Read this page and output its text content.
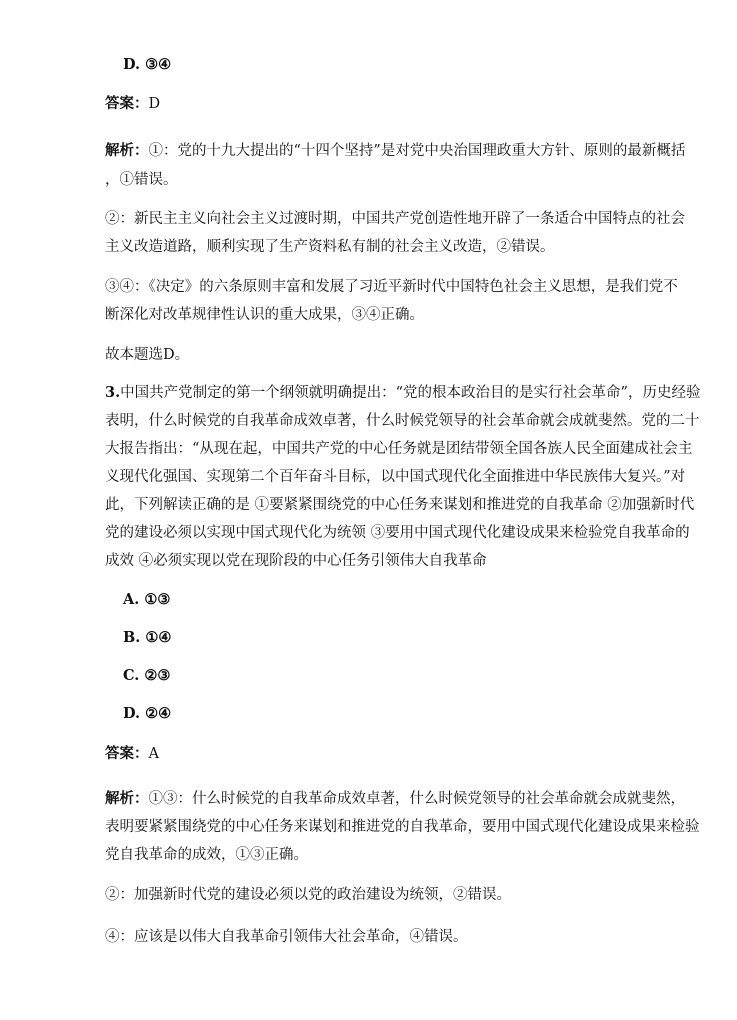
D. ③④
答案：D
解析：①：党的十九大提出的“十四个坚持”是对党中央治国理政重大方针、原则的最新概括
，①错误。
②：新民主主义向社会主义过渡时期，中国共产党创造性地开辟了一条适合中国特点的社会
主义改造道路，顺利实现了生产资料私有制的社会主义改造，②错误。
③④：《决定》的六条原则丰富和发展了习近平新时代中国特色社会主义思想，是我们党不
断深化对改革规律性认识的重大成果，③④正确。
故本题选D。
3.中国共产党制定的第一个纲领就明确提出：“党的根本政治目的是实行社会革命”，历史经验
表明，什么时候党的自我革命成效卓著，什么时候党领导的社会革命就会成就斐然。党的二十
大报告指出：“从现在起，中国共产党的中心任务就是团结带领全国各族人民全面建成社会主
义现代化强国、实现第二个百年奋斗目标，以中国式现代化全面推进中华民族伟大复兴。”对
此，下列解读正确的是 ①要紧紧围绕党的中心任务来谋划和推进党的自我革命 ②加强新时代
党的建设必须以实现中国式现代化为统领 ③要用中国式现代化建设成果来检验党自我革命的
成效 ④必须实现以党在现阶段的中心任务引领伟大自我革命
A. ①③
B. ①④
C. ②③
D. ②④
答案：A
解析：①③：什么时候党的自我革命成效卓著，什么时候党领导的社会革命就会成就斐然，
表明要紧紧围绕党的中心任务来谋划和推进党的自我革命，要用中国式现代化建设成果来检验
党自我革命的成效，①③正确。
②：加强新时代党的建设必须以党的政治建设为统领，②错误。
④：应该是以伟大自我革命引领伟大社会革命，④错误。
